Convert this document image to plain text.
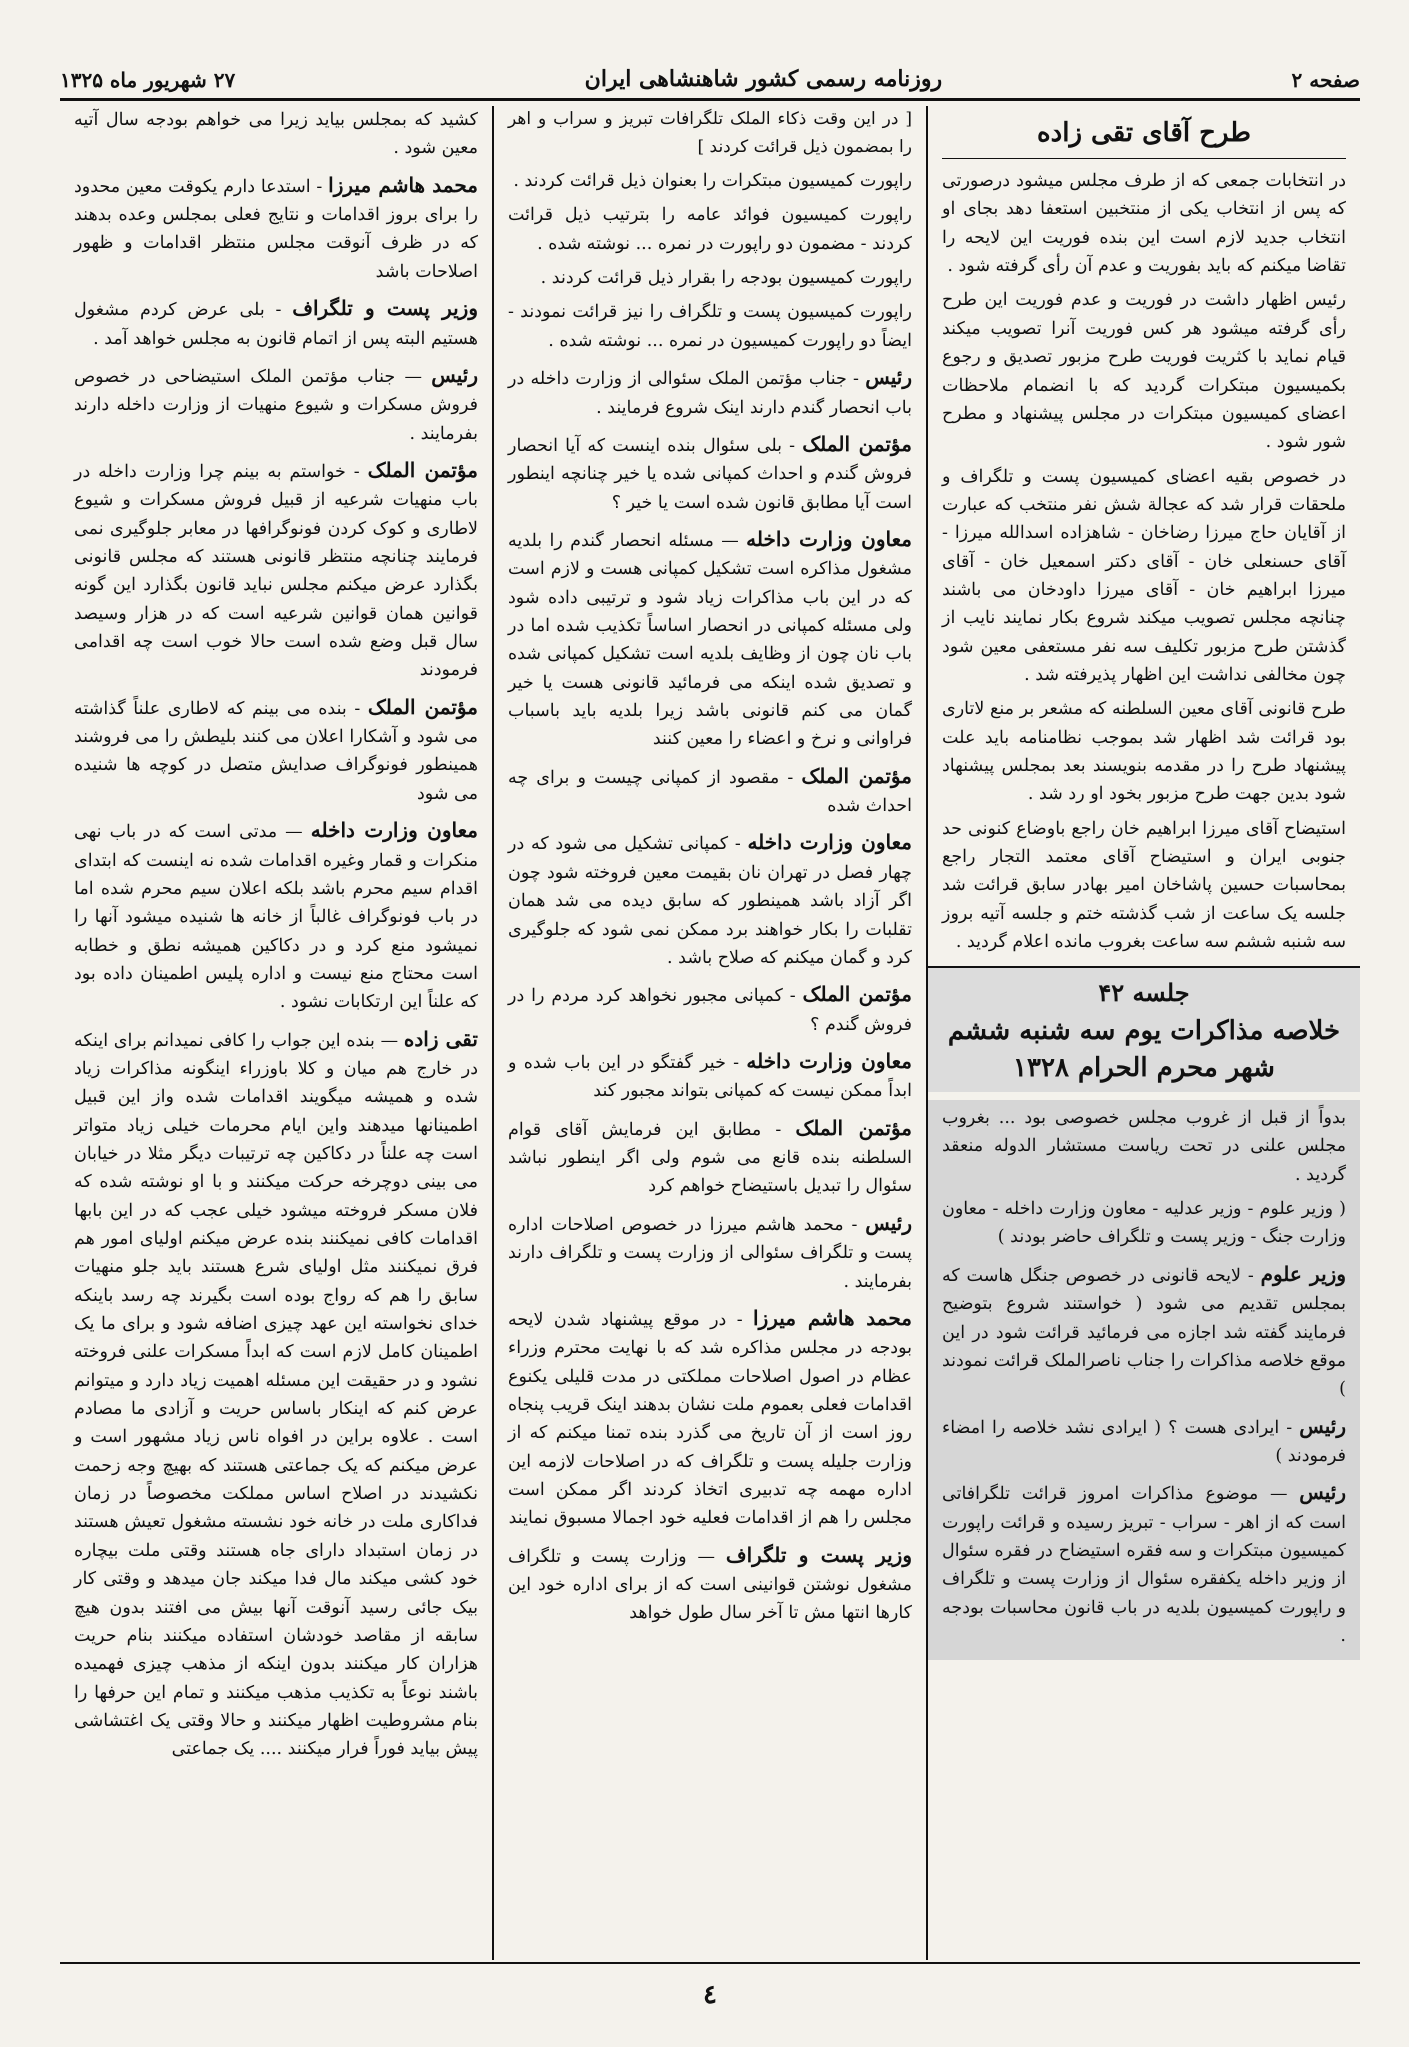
صفحه ۲
روزنامه رسمی کشور شاهنشاهی ایران
۲۷ شهریور ماه ۱۳۲۵
طرح آقای تقی زاده

در انتخابات جمعی که از طرف مجلس میشود درصورتی که پس از انتخاب یکی از منتخبین استعفا دهد بجای او انتخاب جدید لازم است این بنده فوریت این لایحه را تقاضا میکنم که باید بفوریت و عدم آن رأی گرفته شود .

رئیس اظهار داشت در فوریت و عدم فوریت این طرح رأی گرفته میشود هر کس فوریت آنرا تصویب میکند قیام نماید با کثریت فوریت طرح مزبور تصدیق و رجوع بکمیسیون مبتکرات گردید که با انضمام ملاحظات اعضای کمیسیون مبتکرات در مجلس پیشنهاد و مطرح شور شود .

در خصوص بقیه اعضای کمیسیون پست و تلگراف و ملحقات قرار شد که عجالة شش نفر منتخب که عبارت از آقایان حاج میرزا رضاخان - شاهزاده اسدالله میرزا - آقای حسنعلی خان - آقای دکتر اسمعیل خان - آقای میرزا ابراهیم خان - آقای میرزا داودخان می باشند چنانچه مجلس تصویب میکند شروع بکار نمایند نایب از گذشتن طرح مزبور تکلیف سه نفر مستعفی معین شود چون مخالفی نداشت این اظهار پذیرفته شد .

طرح قانونی آقای معین السلطنه که مشعر بر منع لاتاری بود قرائت شد اظهار شد بموجب نظامنامه باید علت پیشنهاد طرح را در مقدمه بنویسند بعد بمجلس پیشنهاد شود بدین جهت طرح مزبور بخود او رد شد .

استیضاح آقای میرزا ابراهیم خان راجع باوضاع کنونی حد جنوبی ایران و استیضاح آقای معتمد التجار راجع بمحاسبات حسین پاشاخان امیر بهادر سابق قرائت شد جلسه یک ساعت از شب گذشته ختم و جلسه آتیه بروز سه شنبه ششم سه ساعت بغروب مانده اعلام گردید .

جلسه ۴۲
خلاصه مذاکرات یوم سه شنبه ششم شهر محرم الحرام ۱۳۲۸

بدواً از قبل از غروب مجلس خصوصی بود ... بغروب مجلس علنی در تحت ریاست مستشار الدوله منعقد گردید .

( وزیر علوم - وزیر عدلیه - معاون وزارت داخله - معاون وزارت جنگ - وزیر پست و تلگراف حاضر بودند )

وزیر علوم - لایحه قانونی در خصوص جنگل هاست که بمجلس تقدیم می شود ( خواستند شروع بتوضیح فرمایند گفته شد اجازه می فرمائید قرائت شود در این موقع خلاصه مذاکرات را جناب ناصرالملک قرائت نمودند )

رئیس - ایرادی هست ؟ ( ایرادی نشد خلاصه را امضاء فرمودند )

رئیس — موضوع مذاکرات امروز قرائت تلگرافاتی است که از اهر - سراب - تبریز رسیده و قرائت راپورت کمیسیون مبتکرات و سه فقره استیضاح در فقره سئوال از وزیر داخله یکفقره سئوال از وزارت پست و تلگراف و راپورت کمیسیون بلدیه در باب قانون محاسبات بودجه .

[ در این وقت ذکاء الملک تلگرافات تبریز و سراب و اهر را بمضمون ذیل قرائت کردند ]

راپورت کمیسیون مبتکرات را بعنوان ذیل قرائت کردند .

راپورت کمیسیون فوائد عامه را بترتیب ذیل قرائت کردند - مضمون دو راپورت در نمره ... نوشته شده .

راپورت کمیسیون بودجه را بقرار ذیل قرائت کردند .

راپورت کمیسیون پست و تلگراف را نیز قرائت نمودند - ایضاً دو راپورت کمیسیون در نمره ... نوشته شده .

رئیس - جناب مؤتمن الملک سئوالی از وزارت داخله در باب انحصار گندم دارند اینک شروع فرمایند .

مؤتمن الملک - بلی سئوال بنده اینست که آیا انحصار فروش گندم و احداث کمپانی شده یا خیر چنانچه اینطور است آیا مطابق قانون شده است یا خیر ؟

معاون وزارت داخله — مسئله انحصار گندم را بلدیه مشغول مذاکره است تشکیل کمپانی هست و لازم است که در این باب مذاکرات زیاد شود و ترتیبی داده شود ولی مسئله کمپانی در انحصار اساساً تکذیب شده اما در باب نان چون از وظایف بلدیه است تشکیل کمپانی شده و تصدیق شده اینکه می فرمائید قانونی هست یا خیر گمان می کنم قانونی باشد زیرا بلدیه باید باسباب فراوانی و نرخ و اعضاء را معین کنند

مؤتمن الملک - مقصود از کمپانی چیست و برای چه احداث شده

معاون وزارت داخله - کمپانی تشکیل می شود که در چهار فصل در تهران نان بقیمت معین فروخته شود چون اگر آزاد باشد همینطور که سابق دیده می شد همان تقلبات را بکار خواهند برد ممکن نمی شود که جلوگیری کرد و گمان میکنم که صلاح باشد .

مؤتمن الملک - کمپانی مجبور نخواهد کرد مردم را در فروش گندم ؟

معاون وزارت داخله - خیر گفتگو در این باب شده و ابداً ممکن نیست که کمپانی بتواند مجبور کند

مؤتمن الملک - مطابق این فرمایش آقای قوام السلطنه بنده قانع می شوم ولی اگر اینطور نباشد سئوال را تبدیل باستیضاح خواهم کرد

رئیس - محمد هاشم میرزا در خصوص اصلاحات اداره پست و تلگراف سئوالی از وزارت پست و تلگراف دارند بفرمایند .

محمد هاشم میرزا - در موقع پیشنهاد شدن لایحه بودجه در مجلس مذاکره شد که با نهایت محترم وزراء عظام در اصول اصلاحات مملکتی در مدت قلیلی یکنوع اقدامات فعلی بعموم ملت نشان بدهند اینک قریب پنجاه روز است از آن تاریخ می گذرد بنده تمنا میکنم که از وزارت جلیله پست و تلگراف که در اصلاحات لازمه این اداره مهمه چه تدبیری اتخاذ کردند اگر ممکن است مجلس را هم از اقدامات فعلیه خود اجمالا مسبوق نمایند

وزیر پست و تلگراف — وزارت پست و تلگراف مشغول نوشتن قوانینی است که از برای اداره خود این کارها انتها مش تا آخر سال طول خواهد

کشید که بمجلس بیاید زیرا می خواهم بودجه سال آتیه معین شود .

محمد هاشم میرزا - استدعا دارم یکوقت معین محدود را برای بروز اقدامات و نتایج فعلی بمجلس وعده بدهند که در ظرف آنوقت مجلس منتظر اقدامات و ظهور اصلاحات باشد

وزیر پست و تلگراف - بلی عرض کردم مشغول هستیم البته پس از اتمام قانون به مجلس خواهد آمد .

رئیس — جناب مؤتمن الملک استیضاحی در خصوص فروش مسکرات و شیوع منهیات از وزارت داخله دارند بفرمایند .

مؤتمن الملک - خواستم به بینم چرا وزارت داخله در باب منهیات شرعیه از قبیل فروش مسکرات و شیوع لاطاری و کوک کردن فونوگرافها در معابر جلوگیری نمی فرمایند چنانچه منتظر قانونی هستند که مجلس قانونی بگذارد عرض میکنم مجلس نباید قانون بگذارد این گونه قوانین همان قوانین شرعیه است که در هزار وسیصد سال قبل وضع شده است حالا خوب است چه اقدامی فرمودند

مؤتمن الملک - بنده می بینم که لاطاری علناً گذاشته می شود و آشکارا اعلان می کنند بلیطش را می فروشند همینطور فونوگراف صدایش متصل در کوچه ها شنیده می شود

معاون وزارت داخله — مدتی است که در باب نهی منکرات و قمار وغیره اقدامات شده نه اینست که ابتدای اقدام سیم محرم باشد بلکه اعلان سیم محرم شده اما در باب فونوگراف غالباً از خانه ها شنیده میشود آنها را نمیشود منع کرد و در دکاکین همیشه نطق و خطابه است محتاج منع نیست و اداره پلیس اطمینان داده بود که علناً این ارتکابات نشود .

تقی زاده — بنده این جواب را کافی نمیدانم برای اینکه در خارج هم میان و کلا باوزراء اینگونه مذاکرات زیاد شده و همیشه میگویند اقدامات شده واز این قبیل اطمینانها میدهند واین ایام محرمات خیلی زیاد متواتر است چه علناً در دکاکین چه ترتیبات دیگر مثلا در خیابان می بینی دوچرخه حرکت میکنند و با او نوشته شده که فلان مسکر فروخته میشود خیلی عجب که در این بابها اقدامات کافی نمیکنند بنده عرض میکنم اولیای امور هم فرق نمیکنند مثل اولیای شرع هستند باید جلو منهیات سابق را هم که رواج بوده است بگیرند چه رسد باینکه خدای نخواسته این عهد چیزی اضافه شود و برای ما یک اطمینان کامل لازم است که ابداً مسکرات علنی فروخته نشود و در حقیقت این مسئله اهمیت زیاد دارد و میتوانم عرض کنم که اینکار باساس حریت و آزادی ما مصادم است . علاوه براین در افواه ناس زیاد مشهور است و عرض میکنم که یک جماعتی هستند که بهیچ وجه زحمت نکشیدند در اصلاح اساس مملکت مخصوصاً در زمان فداکاری ملت در خانه خود نشسته مشغول تعیش هستند در زمان استبداد دارای جاه هستند وقتی ملت بیچاره خود کشی میکند مال فدا میکند جان میدهد و وقتی کار بیک جائی رسید آنوقت آنها بیش می افتند بدون هیچ سابقه از مقاصد خودشان استفاده میکنند بنام حریت هزاران کار میکنند بدون اینکه از مذهب چیزی فهمیده باشند نوعاً به تکذیب مذهب میکنند و تمام این حرفها را بنام مشروطیت اظهار میکنند و حالا وقتی یک اغتشاشی پیش بیاید فوراً فرار میکنند .... یک جماعتی

٤
